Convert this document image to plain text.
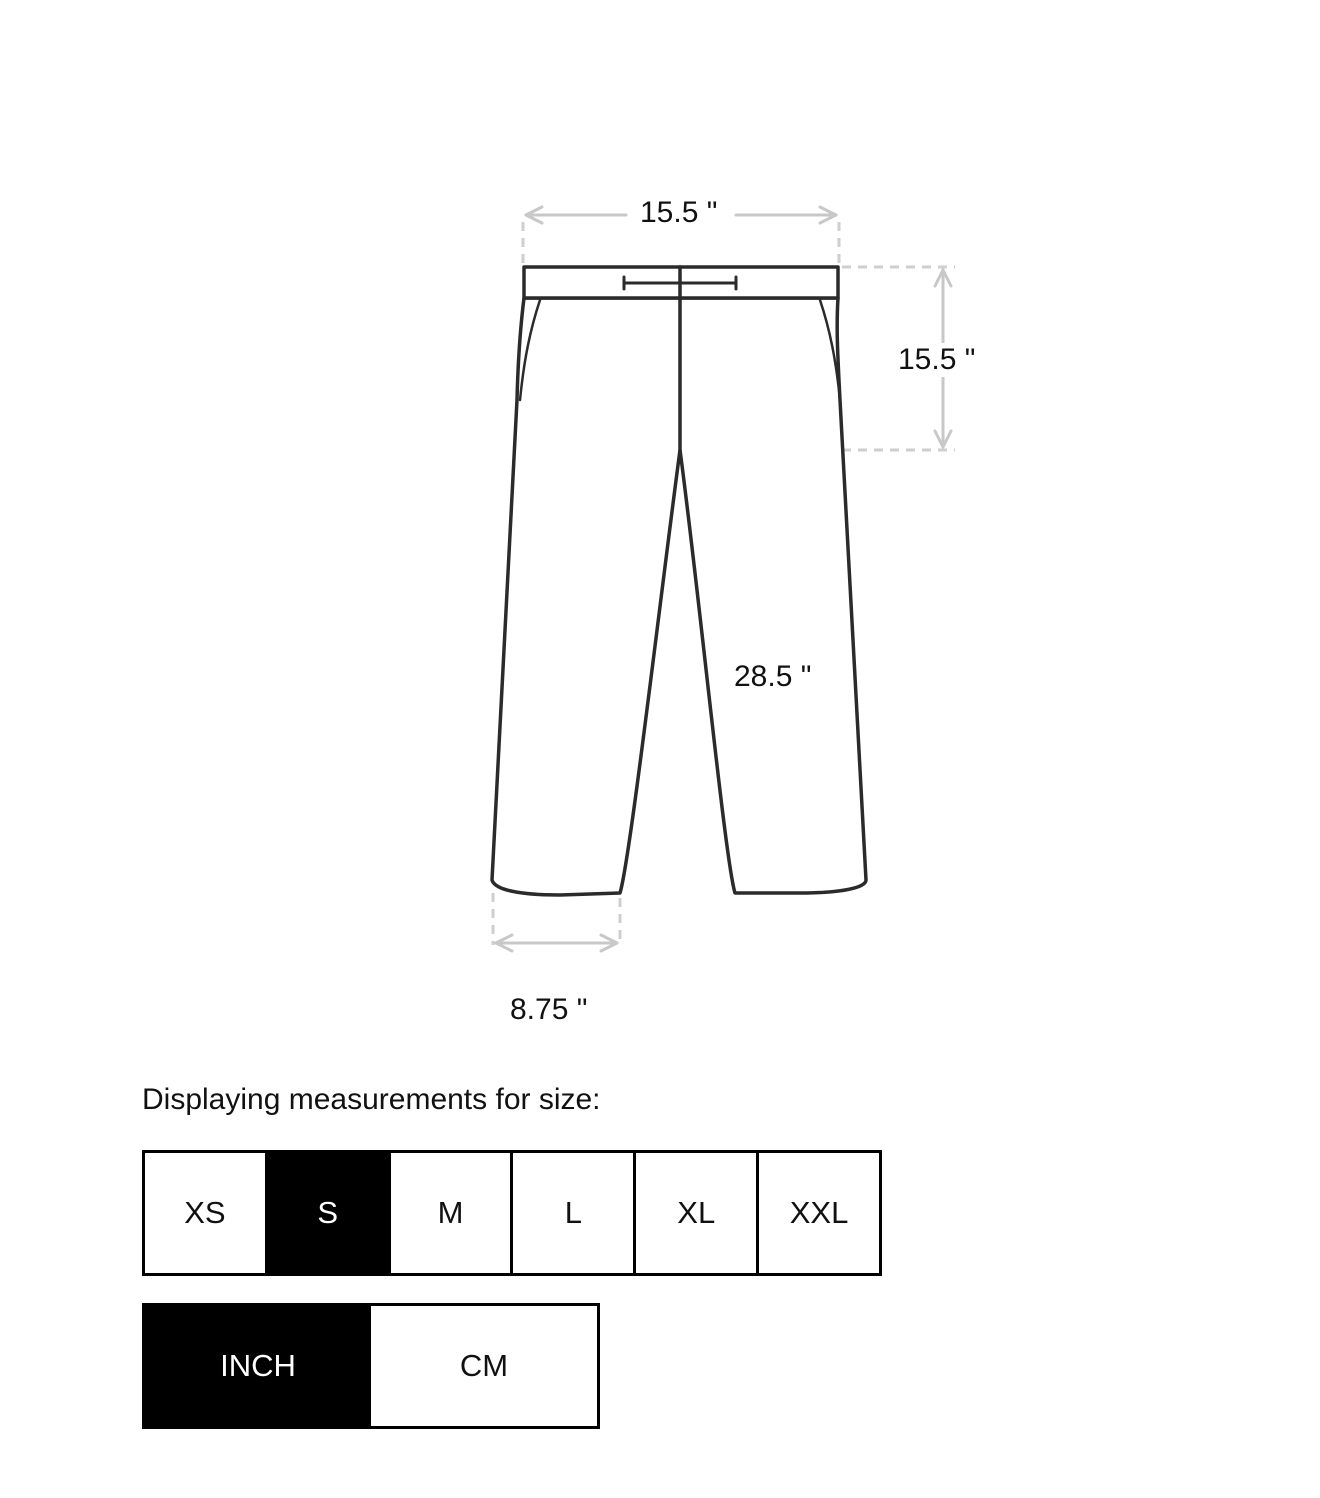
15.5 "
15.5 "
28.5 "
8.75 "
Displaying measurements for size:
XS	S	M	L	XL	XXL
INCH	CM
